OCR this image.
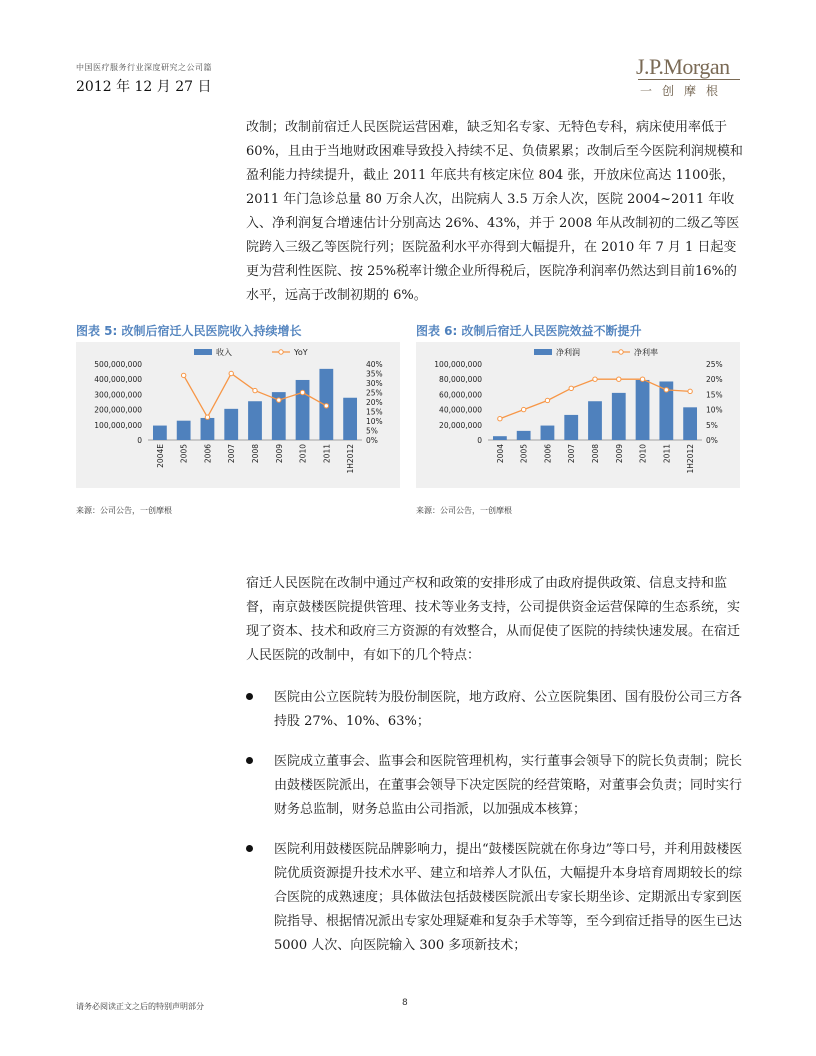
中国医疗服务行业深度研究之公司篇
2012 年 12 月 27 日
J.P.Morgan
一创摩根
改制；改制前宿迁人民医院运营困难，缺乏知名专家、无特色专科，病床使用率低于60%，且由于当地财政困难导致投入持续不足、负债累累；改制后至今医院利润规模和盈利能力持续提升，截止 2011 年底共有核定床位 804 张，开放床位高达 1100张，2011 年门急诊总量 80 万余人次，出院病人 3.5 万余人次，医院 2004~2011 年收入、净利润复合增速估计分别高达 26%、43%，并于 2008 年从改制初的二级乙等医院跨入三级乙等医院行列；医院盈利水平亦得到大幅提升，在 2010 年 7 月 1 日起变更为营利性医院、按 25%税率计缴企业所得税后，医院净利润率仍然达到目前16%的水平，远高于改制初期的 6%。
图表 5: 改制后宿迁人民医院收入持续增长
0
100,000,000
200,000,000
300,000,000
400,000,000
500,000,000
0%
5%
10%
15%
20%
25%
30%
35%
40%
2004E 2005 2006 2007 2008 2009 2010 2011 1H2012
收入	YoY
来源：公司公告，一创摩根
图表 6: 改制后宿迁人民医院效益不断提升
0
20,000,000
40,000,000
60,000,000
80,000,000
100,000,000
0%
5%
10%
15%
20%
25%
2004 2005 2006 2007 2008 2009 2010 2011 1H2012
净利润	净利率
来源：公司公告，一创摩根
宿迁人民医院在改制中通过产权和政策的安排形成了由政府提供政策、信息支持和监督，南京鼓楼医院提供管理、技术等业务支持，公司提供资金运营保障的生态系统，实现了资本、技术和政府三方资源的有效整合，从而促使了医院的持续快速发展。在宿迁人民医院的改制中，有如下的几个特点：
医院由公立医院转为股份制医院，地方政府、公立医院集团、国有股份公司三方各持股 27%、10%、63%；
医院成立董事会、监事会和医院管理机构，实行董事会领导下的院长负责制；院长由鼓楼医院派出，在董事会领导下决定医院的经营策略，对董事会负责；同时实行财务总监制，财务总监由公司指派，以加强成本核算；
医院利用鼓楼医院品牌影响力，提出“鼓楼医院就在你身边”等口号，并利用鼓楼医院优质资源提升技术水平、建立和培养人才队伍，大幅提升本身培育周期较长的综合医院的成熟速度；具体做法包括鼓楼医院派出专家长期坐诊、定期派出专家到医院指导、根据情况派出专家处理疑难和复杂手术等等，至今到宿迁指导的医生已达 5000 人次、向医院输入 300 多项新技术；
请务必阅读正文之后的特别声明部分	8
